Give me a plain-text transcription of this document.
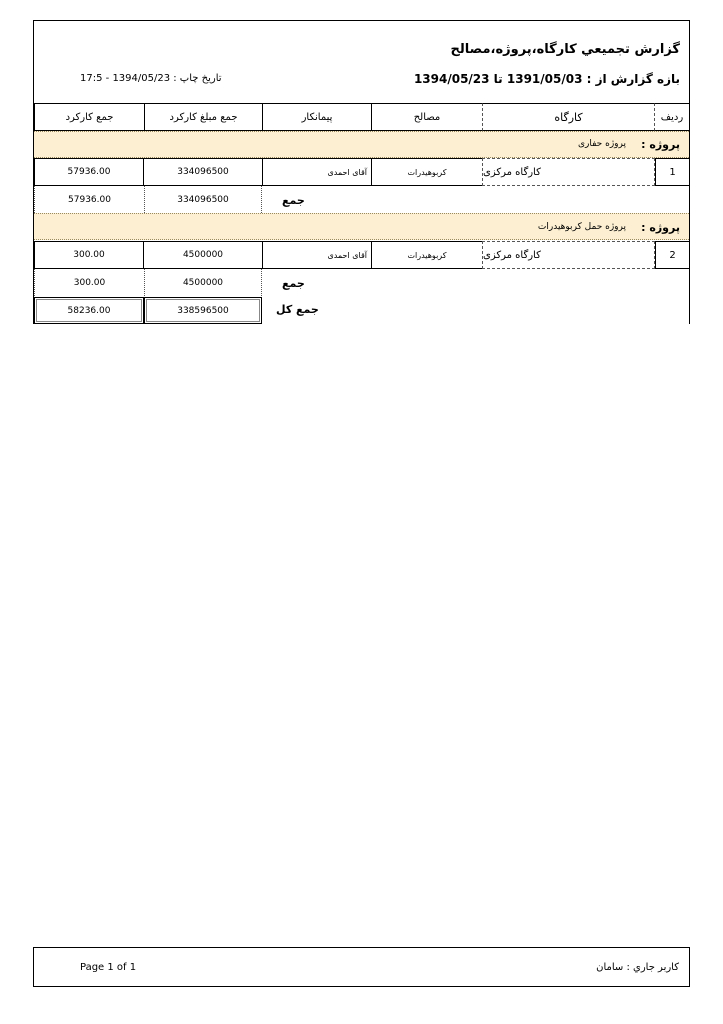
گزارش تجمیعي کارگاه،پروژه،مصالح
بازه گزارش از : 1391/05/03 تا 1394/05/23
تاریخ چاپ : 1394/05/23 - 17:5
ردیف
کارگاه
مصالح
پیمانکار
جمع مبلغ کارکرد
جمع کارکرد
پروژه :
پروژه حفاری
1
کارگاه مرکزی
کربوهیدرات
آقای احمدی
334096500
57936.00
جمع
334096500
57936.00
پروژه :
پروژه حمل کربوهیدرات
2
کارگاه مرکزی
کربوهیدرات
آقای احمدی
4500000
300.00
جمع
4500000
300.00
جمع کل
338596500
58236.00
کاربر جاري : سامان
Page 1 of 1
